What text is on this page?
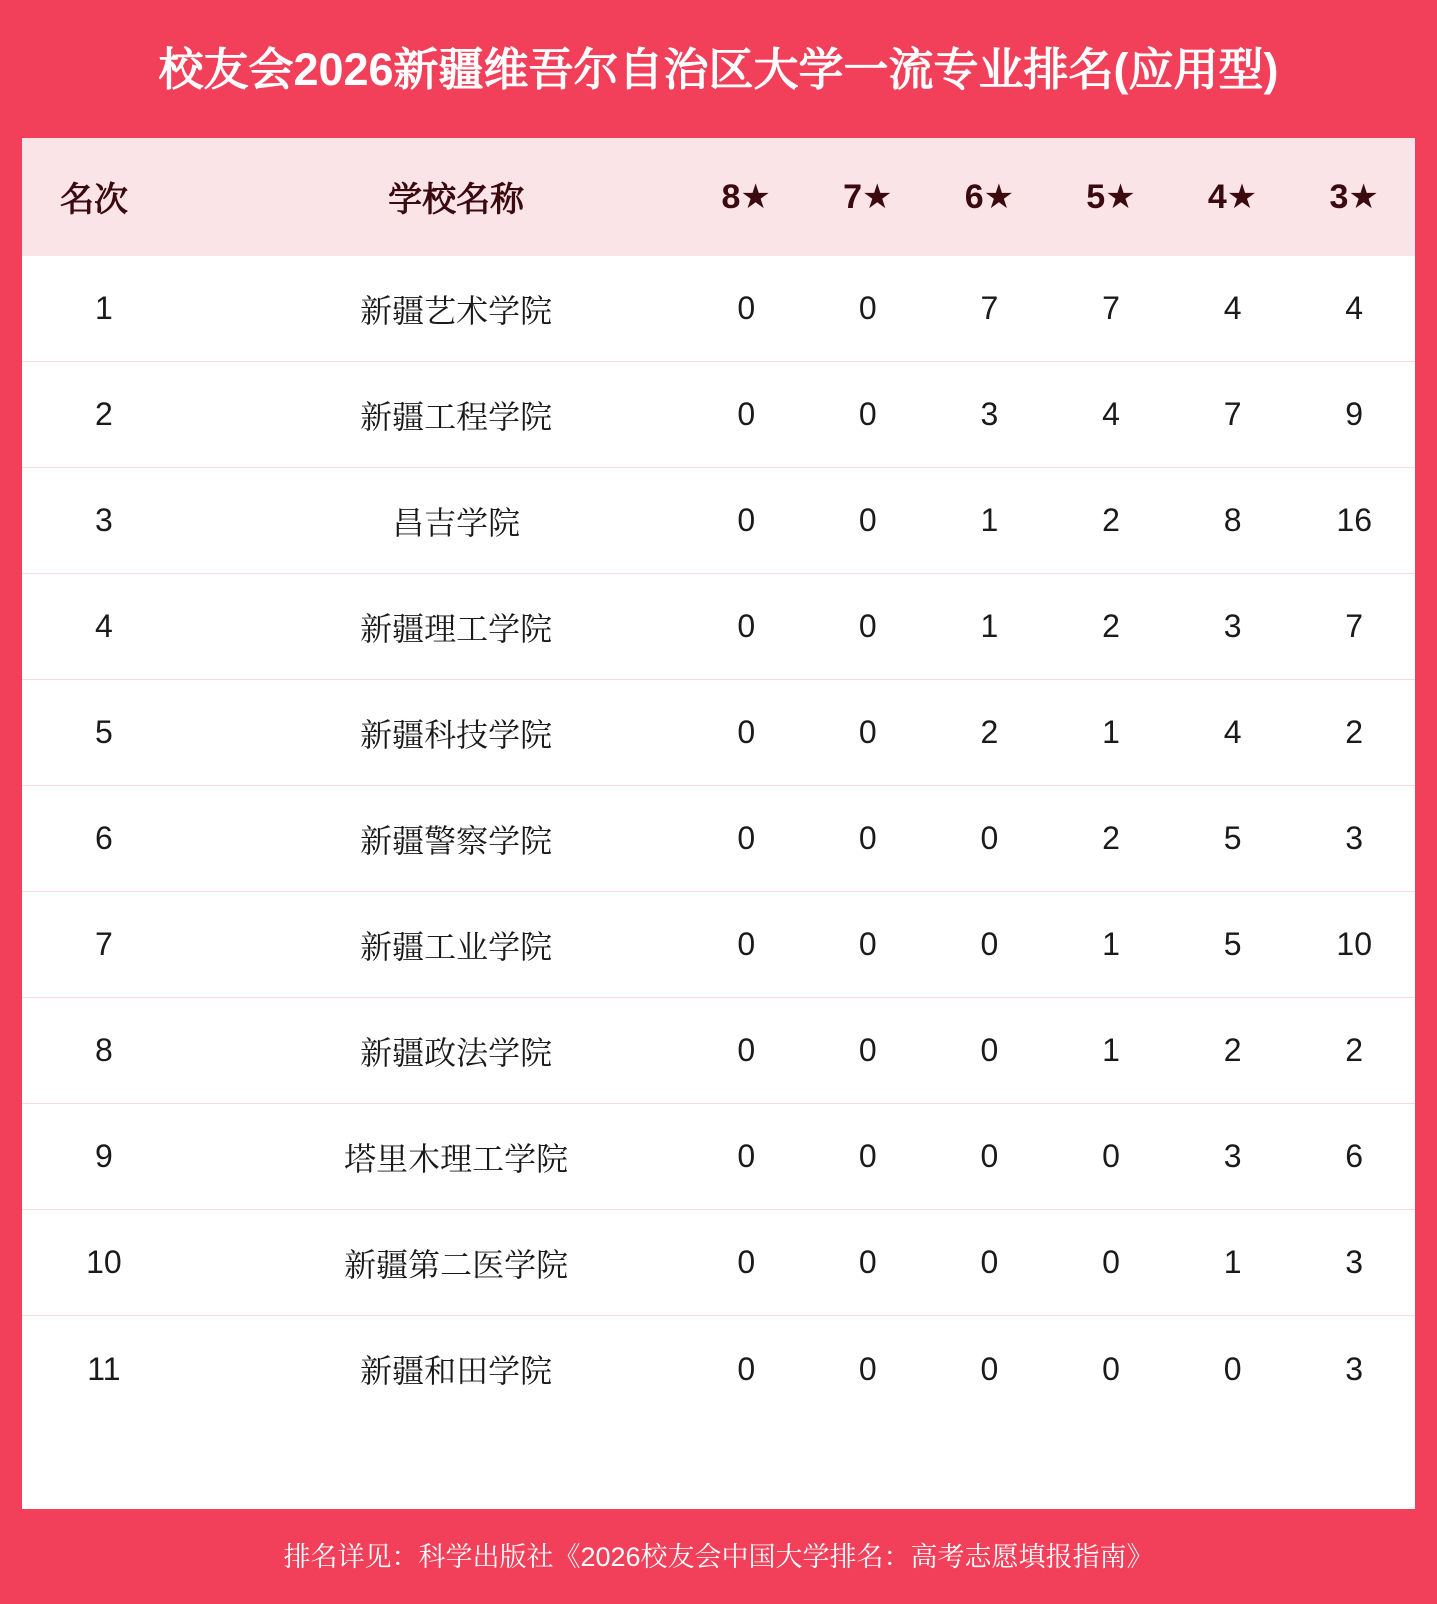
校友会2026新疆维吾尔自治区大学一流专业排名(应用型)
名次	学校名称	8★	7★	6★	5★	4★	3★
1	新疆艺术学院	0	0	7	7	4	4
2	新疆工程学院	0	0	3	4	7	9
3	昌吉学院	0	0	1	2	8	16
4	新疆理工学院	0	0	1	2	3	7
5	新疆科技学院	0	0	2	1	4	2
6	新疆警察学院	0	0	0	2	5	3
7	新疆工业学院	0	0	0	1	5	10
8	新疆政法学院	0	0	0	1	2	2
9	塔里木理工学院	0	0	0	0	3	6
10	新疆第二医学院	0	0	0	0	1	3
11	新疆和田学院	0	0	0	0	0	3
排名详见：科学出版社《2026校友会中国大学排名：高考志愿填报指南》
